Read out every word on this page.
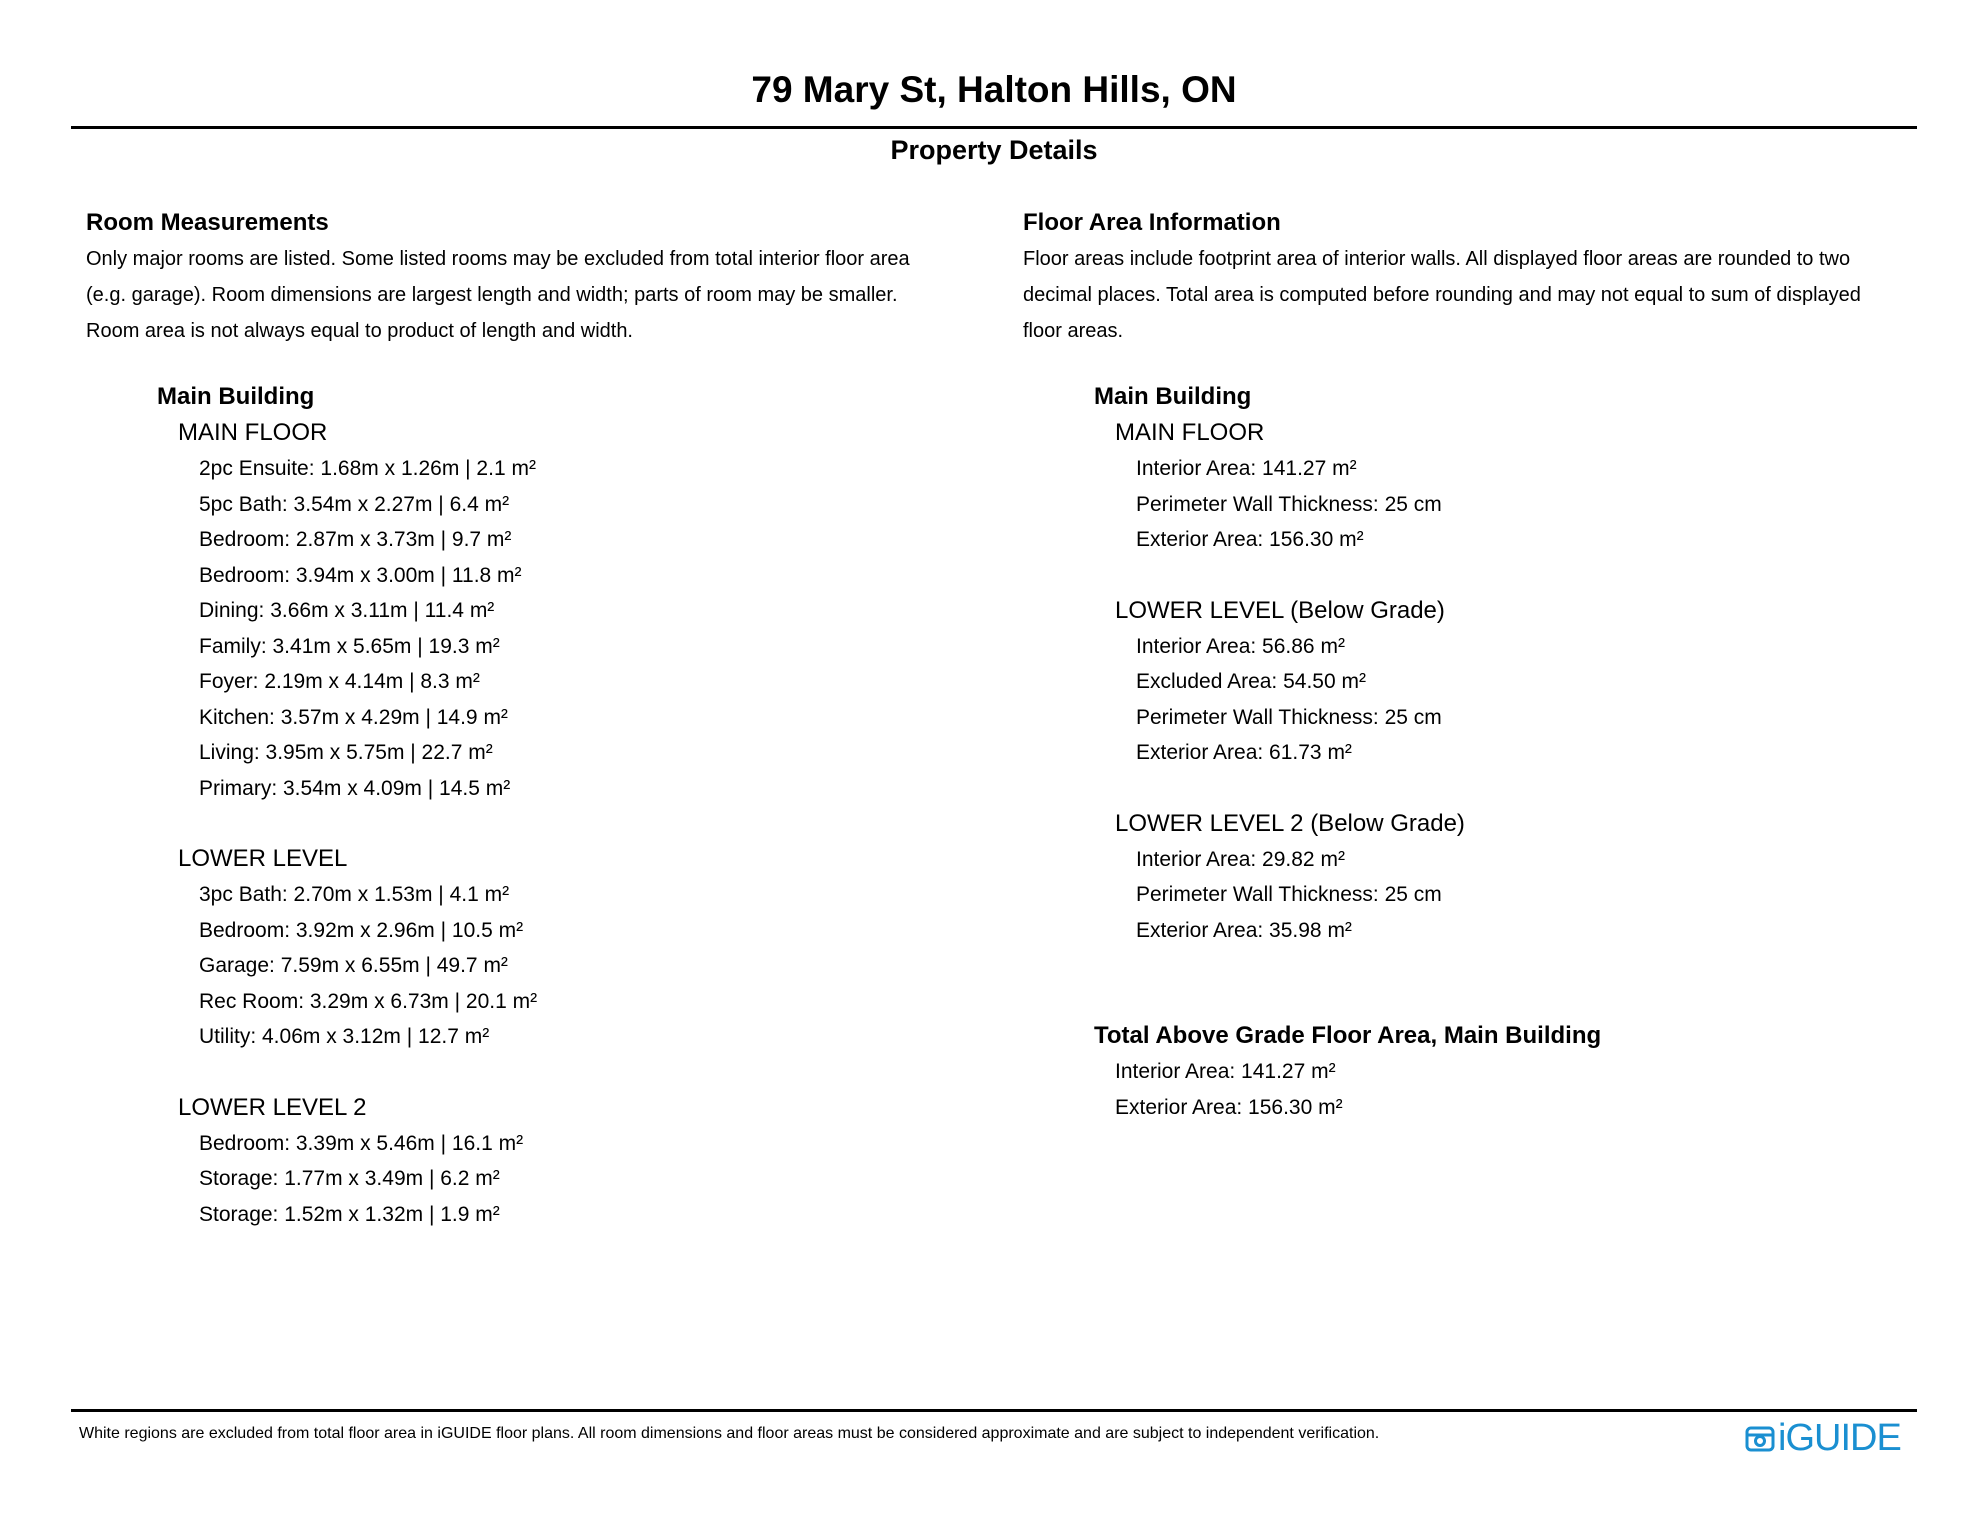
79 Mary St, Halton Hills, ON
Property Details
Room Measurements

Only major rooms are listed. Some listed rooms may be excluded from total interior floor area
(e.g. garage). Room dimensions are largest length and width; parts of room may be smaller.
Room area is not always equal to product of length and width.

Main Building
MAIN FLOOR
2pc Ensuite: 1.68m x 1.26m | 2.1 m²
5pc Bath: 3.54m x 2.27m | 6.4 m²
Bedroom: 2.87m x 3.73m | 9.7 m²
Bedroom: 3.94m x 3.00m | 11.8 m²
Dining: 3.66m x 3.11m | 11.4 m²
Family: 3.41m x 5.65m | 19.3 m²
Foyer: 2.19m x 4.14m | 8.3 m²
Kitchen: 3.57m x 4.29m | 14.9 m²
Living: 3.95m x 5.75m | 22.7 m²
Primary: 3.54m x 4.09m | 14.5 m²
LOWER LEVEL
3pc Bath: 2.70m x 1.53m | 4.1 m²
Bedroom: 3.92m x 2.96m | 10.5 m²
Garage: 7.59m x 6.55m | 49.7 m²
Rec Room: 3.29m x 6.73m | 20.1 m²
Utility: 4.06m x 3.12m | 12.7 m²
LOWER LEVEL 2
Bedroom: 3.39m x 5.46m | 16.1 m²
Storage: 1.77m x 3.49m | 6.2 m²
Storage: 1.52m x 1.32m | 1.9 m²
Floor Area Information

Floor areas include footprint area of interior walls. All displayed floor areas are rounded to two
decimal places. Total area is computed before rounding and may not equal to sum of displayed
floor areas.

Main Building
MAIN FLOOR
Interior Area: 141.27 m²
Perimeter Wall Thickness: 25 cm
Exterior Area: 156.30 m²
LOWER LEVEL (Below Grade)
Interior Area: 56.86 m²
Excluded Area: 54.50 m²
Perimeter Wall Thickness: 25 cm
Exterior Area: 61.73 m²
LOWER LEVEL 2 (Below Grade)
Interior Area: 29.82 m²
Perimeter Wall Thickness: 25 cm
Exterior Area: 35.98 m²
Total Above Grade Floor Area, Main Building
Interior Area: 141.27 m²
Exterior Area: 156.30 m²

White regions are excluded from total floor area in iGUIDE floor plans. All room dimensions and floor areas must be considered approximate and are subject to independent verification.	iGUIDE
